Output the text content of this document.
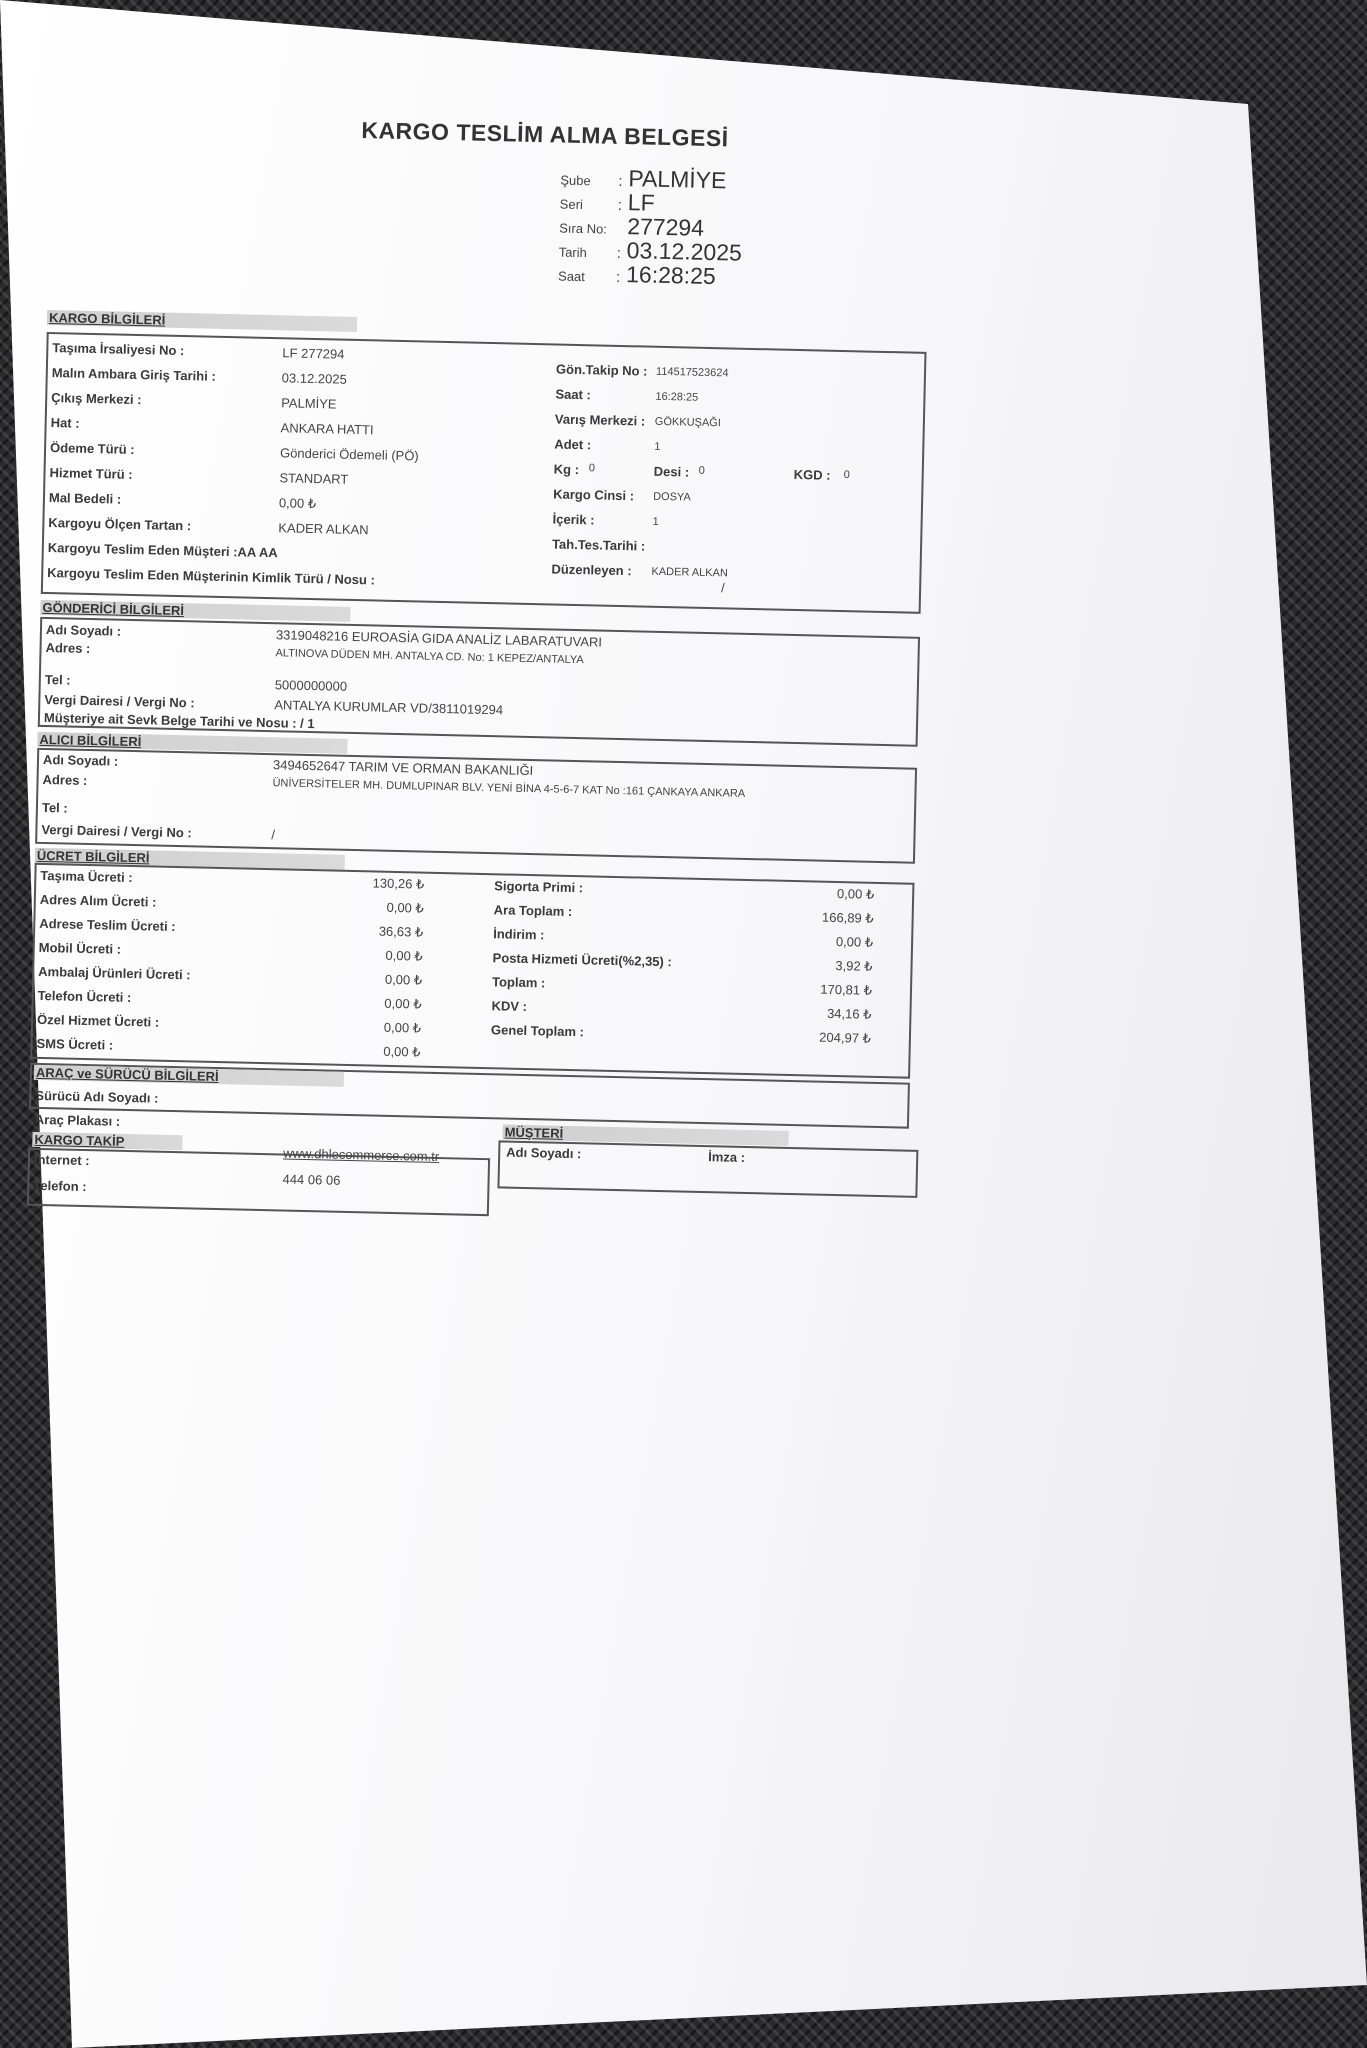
KARGO TESLİM ALMA BELGESİ
Şube	: PALMİYE
Seri	: LF
Sıra No: 277294
Tarih	: 03.12.2025
Saat	: 16:28:25
KARGO BİLGİLERİ
Taşıma İrsaliyesi No :	LF 277294
Malın Ambara Giriş Tarihi :	03.12.2025
Çıkış Merkezi :	PALMİYE
Hat :	ANKARA HATTI
Ödeme Türü :	Gönderici Ödemeli (PÖ)
Hizmet Türü :	STANDART
Mal Bedeli :	0,00 ₺
Kargoyu Ölçen Tartan :	KADER ALKAN
Kargoyu Teslim Eden Müşteri :AA AA
Kargoyu Teslim Eden Müşterinin Kimlik Türü / Nosu :
/
Gön.Takip No : 114517523624
Saat :	16:28:25
Varış Merkezi : GÖKKUŞAĞI
Adet :	1
Kg : 0	Desi : 0	KGD : 0
Kargo Cinsi : DOSYA
İçerik :	1
Tah.Tes.Tarihi :
Düzenleyen : KADER ALKAN
GÖNDERİCİ BİLGİLERİ
Adı Soyadı :	3319048216 EUROASİA GIDA ANALİZ LABARATUVARI
Adres :	ALTINOVA DÜDEN MH. ANTALYA CD. No: 1 KEPEZ/ANTALYA
Tel :	5000000000
Vergi Dairesi / Vergi No :	ANTALYA KURUMLAR VD/3811019294
Müşteriye ait Sevk Belge Tarihi ve Nosu : / 1
ALICI BİLGİLERİ
Adı Soyadı :	3494652647 TARIM VE ORMAN BAKANLIĞI
Adres :	ÜNİVERSİTELER MH. DUMLUPINAR BLV. YENİ BİNA 4-5-6-7 KAT No :161 ÇANKAYA ANKARA
Tel :
Vergi Dairesi / Vergi No :	/
ÜCRET BİLGİLERİ
Taşıma Ücreti :	130,26 ₺
Adres Alım Ücreti :	0,00 ₺
Adrese Teslim Ücreti :	36,63 ₺
Mobil Ücreti :	0,00 ₺
Ambalaj Ürünleri Ücreti :	0,00 ₺
Telefon Ücreti :	0,00 ₺
Özel Hizmet Ücreti :	0,00 ₺
SMS Ücreti :	0,00 ₺
Sigorta Primi :	0,00 ₺
Ara Toplam :	166,89 ₺
İndirim :	0,00 ₺
Posta Hizmeti Ücreti(%2,35) :	3,92 ₺
Toplam :	170,81 ₺
KDV :	34,16 ₺
Genel Toplam :	204,97 ₺
ARAÇ ve SÜRÜCÜ BİLGİLERİ
Sürücü Adı Soyadı :
Araç Plakası :
KARGO TAKİP
İnternet :	www.dhlecommerce.com.tr
Telefon :	444 06 06
MÜŞTERİ
Adı Soyadı :	İmza :
